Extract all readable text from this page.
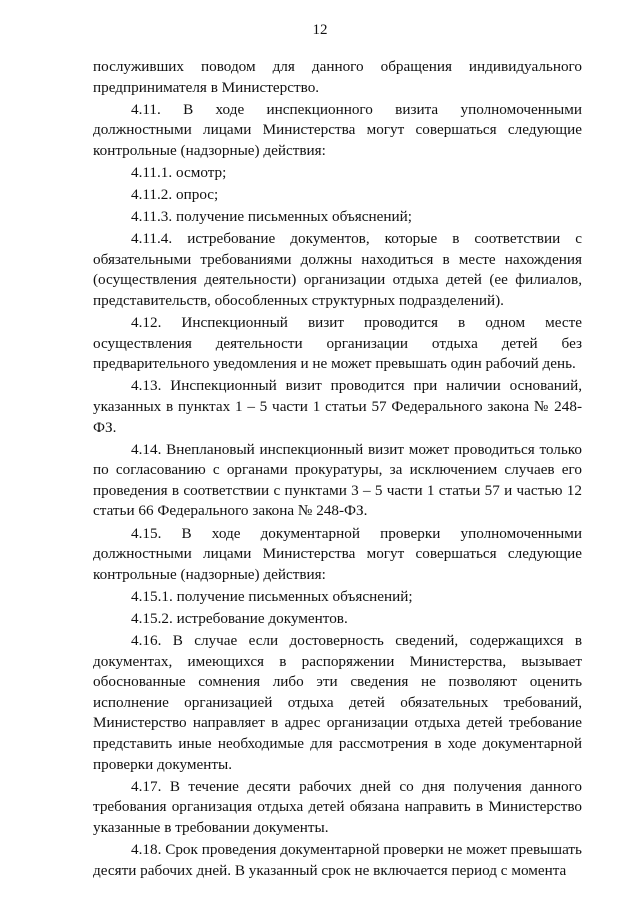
12

послуживших поводом для данного обращения индивидуального предпринимателя в Министерство.

4.11. В ходе инспекционного визита уполномоченными должностными лицами Министерства могут совершаться следующие контрольные (надзорные) действия:

4.11.1. осмотр;

4.11.2. опрос;

4.11.3. получение письменных объяснений;

4.11.4. истребование документов, которые в соответствии с обязательными требованиями должны находиться в месте нахождения (осуществления деятельности) организации отдыха детей (ее филиалов, представительств, обособленных структурных подразделений).

4.12. Инспекционный визит проводится в одном месте осуществления деятельности организации отдыха детей без предварительного уведомления и не может превышать один рабочий день.

4.13. Инспекционный визит проводится при наличии оснований, указанных в пунктах 1 – 5 части 1 статьи 57 Федерального закона № 248-ФЗ.

4.14. Внеплановый инспекционный визит может проводиться только по согласованию с органами прокуратуры, за исключением случаев его проведения в соответствии с пунктами 3 – 5 части 1 статьи 57 и частью 12 статьи 66 Федерального закона № 248-ФЗ.

4.15. В ходе документарной проверки уполномоченными должностными лицами Министерства могут совершаться следующие контрольные (надзорные) действия:

4.15.1. получение письменных объяснений;

4.15.2. истребование документов.

4.16. В случае если достоверность сведений, содержащихся в документах, имеющихся в распоряжении Министерства, вызывает обоснованные сомнения либо эти сведения не позволяют оценить исполнение организацией отдыха детей обязательных требований, Министерство направляет в адрес организации отдыха детей требование представить иные необходимые для рассмотрения в ходе документарной проверки документы.

4.17. В течение десяти рабочих дней со дня получения данного требования организация отдыха детей обязана направить в Министерство указанные в требовании документы.

4.18. Срок проведения документарной проверки не может превышать десяти рабочих дней. В указанный срок не включается период с момента
